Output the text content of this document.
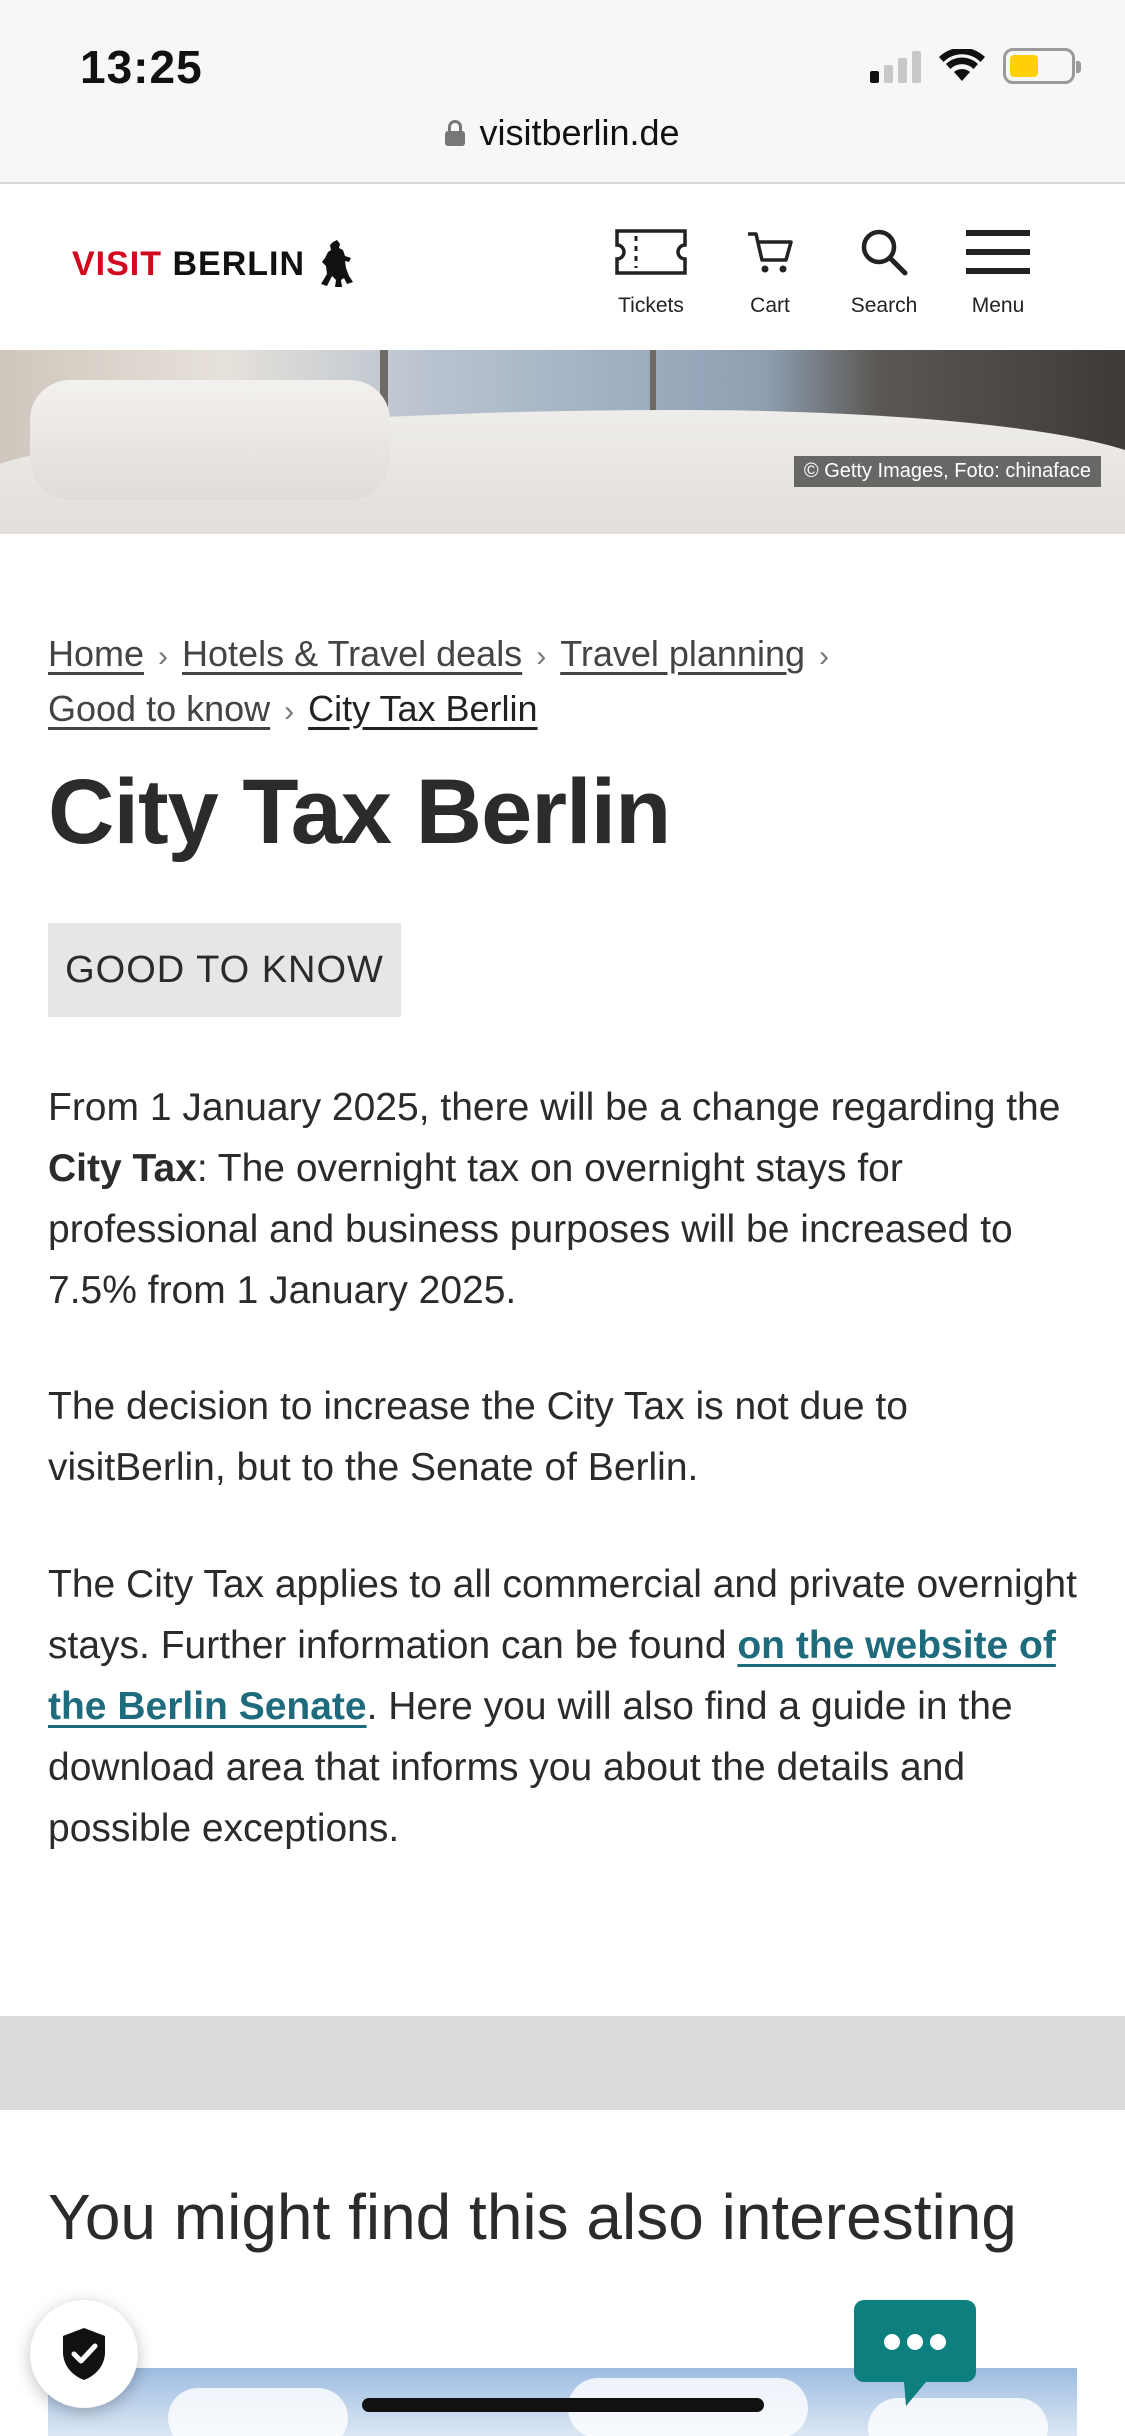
13:25
visitberlin.de
VISIT BERLIN
Tickets	Cart	Search	Menu
© Getty Images, Foto: chinaface
Home › Hotels & Travel deals › Travel planning ›
Good to know › City Tax Berlin
City Tax Berlin
GOOD TO KNOW

From 1 January 2025, there will be a change regarding the City Tax: The overnight tax on overnight stays for professional and business purposes will be increased to 7.5% from 1 January 2025.

The decision to increase the City Tax is not due to visitBerlin, but to the Senate of Berlin.

The City Tax applies to all commercial and private overnight stays. Further information can be found on the website of the Berlin Senate. Here you will also find a guide in the download area that informs you about the details and possible exceptions.

You might find this also interesting
